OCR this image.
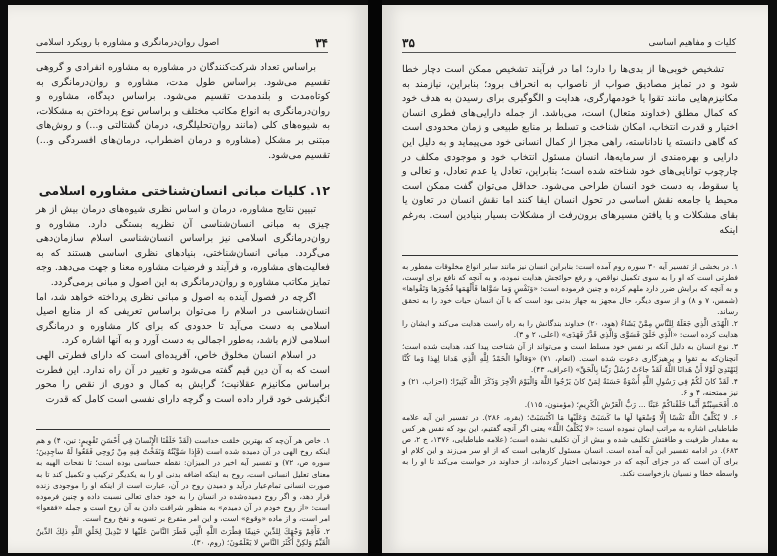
۳۴
اصول روان‌درمانگری و مشاوره با رویکرد اسلامی

براساس تعداد شرکت‌کنندگان در مشاوره به مشاوره انفرادی و گروهی تقسیم می‌شود. براساس طول مدت، مشاوره و روان‌درمانگری به کوتاه‌مدت و بلندمدت تقسیم می‌شود. براساس دیدگاه، مشاوره و روان‌درمانگری به انواع مکاتب مختلف و براساس نوع پرداختن به مشکلات، به شیوه‌های کلی (مانند روان‌تحلیلگری، درمان گشتالتی و...) و روش‌های مبتنی بر مشکل (مشاوره و درمان اضطراب، درمان‌های افسردگی و...) تقسیم می‌شود.

۱۲. کلیات مبانی انسان‌شناختی مشاوره اسلامی

تبیین نتایج مشاوره، درمان و اساس نظری شیوه‌های درمان بیش از هر چیزی به مبانی انسان‌شناسی آن نظریه بستگی دارد. مشاوره و روان‌درمانگری اسلامی نیز براساس انسان‌شناسی اسلام سازمان‌دهی می‌گردد. مبانی انسان‌شناختی، بنیادهای نظری اساسی هستند که به فعالیت‌های مشاوره، و فرآیند و فرضیات مشاوره معنا و جهت می‌دهد. وجه تمایز مکاتب مشاوره و روان‌درمانگری به این اصول و مبانی برمی‌گردد.

اگرچه در فصول آینده به اصول و مبانی نظری پرداخته خواهد شد، اما انسان‌شناسی در اسلام را می‌توان براساس تعریفی که از منابع اصیل اسلامی به دست می‌آید تا حدودی که برای کار مشاوره و درمانگری اسلامی لازم باشد، به‌طور اجمالی به دست آورد و به آنها اشاره کرد.

در اسلام انسان مخلوق خاص، آفریده‌ای است که دارای فطرتی الهی است که به آن دین قیم گفته می‌شود و تغییر در آن راه ندارد. این فطرت براساس مکانیزم عقلانیت؛ گرایش به کمال و دوری از نقص را محور انگیزشی خود قرار داده است و گرچه دارای نفسی است کامل که قدرت

۱. خاص هر آن‌چه که بهترین خلقت خداست (لَقَدْ خَلَقْنَا الْإِنْسانَ فِي أَحْسَنِ تَقْوِيمٍ: تین، ۴) و هم اینکه روح الهی در آن دمیده شده است (فَإِذا سَوَّيْتُهُ وَنَفَخْتُ فِيهِ مِنْ رُوحِي فَقَعُوا لَهُ ساجِدِينَ؛ سوره ص، ۷۲) و تفسیر آیه اخیر در المیزان: نقطه حساسی بوده است؛ تا نفحات الهیه به معنای تعلیل انسانی است، روح به اینکه اضافه بدنی او را به یکدیگر ترکیب و تکمیل کند تا به صورت انسانی تمام‌عیار درآید و دمیدن روح در آن، عبارت است از اینکه او را موجودی زنده قرار دهد، و اگر روح دمیده‌شده در انسان را به خود خدای تعالی نسبت داده و چنین فرموده است: «از روح خودم در آن دمیدم» به منظور شرافت دادن به آن روح است و جمله «فقعوا» امر است، و از ماده «وقوع» است، و این امر متفرع بر تسویه و نفخ روح است.

۲. فَأَقِمْ وَجْهَكَ لِلدِّينِ حَنِيفًا فِطْرَتَ اللَّهِ الَّتِي فَطَرَ النَّاسَ عَلَيْها لا تَبْدِيلَ لِخَلْقِ اللَّهِ ذلِكَ الدِّينُ الْقَيِّمُ وَلكِنَّ أَكْثَرَ النَّاسِ لا يَعْلَمُونَ؛ (روم، ۳۰).

۳۵	کلیات و مفاهیم اساسی

تشخیص خوبی‌ها از بدی‌ها را دارد؛ اما در فرآیند تشخیص ممکن است دچار خطا شود و در تمایز مصادیق صواب از ناصواب به انحراف برود؛ بنابراین، نیازمند به مکانیزم‌هایی مانند تقوا یا خودمهارگری، هدایت و الگوگیری برای رسیدن به هدف خود که کمال مطلق (خداوند متعال) است، می‌باشد. از جمله دارایی‌های فطری انسان اختیار و قدرت انتخاب، امکان شناخت و تسلط بر منابع طبیعی و زمان محدودی است که گاهی دانسته یا ناداناسته، راهی مجزا از کمال انسانی خود می‌پیماید و به دلیل این دارایی و بهره‌مندی از سرمایه‌ها، انسان مسئول انتخاب خود و موجودی مکلف در چارچوب توانایی‌های خود شناخته شده است؛ بنابراین، تعادل یا عدم تعادل، و تعالی و یا سقوط، به دست خود انسان طراحی می‌شود. حداقل می‌توان گفت ممکن است محیط یا جامعه نقش اساسی در تحول انسان ایفا کنند اما نقش انسان در تعاون یا بقای مشکلات و یا یافتن مسیرهای برون‌رفت از مشکلات بسیار بنیادین است. به‌رغم اینکه

۱. در بخشی از تفسیر آیه ۳۰ سوره روم آمده است: بنابراین انسان نیز مانند سایر انواع مخلوقات مفطور به فطرتی است که او را به سوی تکمیل نواقص، و رفع حوائجش هدایت نموده، و به آنچه که نافع برای اوست، و به آنچه که برایش ضرر دارد ملهم کرده و چنین فرموده است: «وَنَفْسٍ وَما سَوَّاها فَأَلْهَمَها فُجُورَها وَتَقْواها» (شمس، ۷ و ۸) و از سوی دیگر، حال مجهز به جهاز بدنی بود است که با آن انسان حیات خود را به تحقق رساند.

۲. الْهُدَى الَّذِي جَعَلَهُ لِلنَّاسِ مِمَّنْ يَشَاءُ (هود، ۲۰) خداوند بندگانش را به راه راست هدایت می‌کند و ایشان را هدایت کرده است: «الَّذِي خَلَقَ فَسَوَّى وَالَّذِي قَدَّرَ فَهَدَى» (اعلی، ۲ و ۳).

۳. نوع انسان به دلیل آنکه بر نفس خود مسلط است و می‌تواند از آن شناخت پیدا کند، هدایت شده است؛ آنچنان‌که به تقوا و پرهیزگاری دعوت شده است. (انعام، ۷۱) «وَقالُوا الْحَمْدُ لِلَّهِ الَّذِي هَدانا لِهذا وَما كُنَّا لِنَهْتَدِيَ لَوْلا أَنْ هَدانَا اللَّهُ لَقَدْ جاءَتْ رُسُلُ رَبِّنا بِالْحَقِّ» (اعراف، ۴۳).

۴. لَقَدْ كانَ لَكُمْ فِي رَسُولِ اللَّهِ أُسْوَةٌ حَسَنَةٌ لِمَنْ كانَ يَرْجُوا اللَّهَ وَالْيَوْمَ الْآخِرَ وَذَكَرَ اللَّهَ كَثِيرًا؛ (احزاب، ۲۱) و نیز ممتحنه، ۴ و ۶.

۵. أَفَحَسِبْتُمْ أَنَّما خَلَقْناكُمْ عَبَثًا ... رَبُّ الْعَرْشِ الْكَرِيمِ؛ (مؤمنون، ۱۱۵).

۶. لا يُكَلِّفُ اللَّهُ نَفْسًا إِلَّا وُسْعَها لَها ما كَسَبَتْ وَعَلَيْها مَا اكْتَسَبَتْ؛ (بقره، ۲۸۶). در تفسیر این آیه علامه طباطبایی اشاره به مراتب ایمان نموده است: «لا يُكَلِّفُ اللَّهُ» یعنی اگر آنچه گفتیم، این بود که نفس هر کس به مقدار ظرفیت و طاقتش تکلیف شده و بیش از آن تکلیف نشده است؛ (علامه طباطبایی، ۱۳۷۶، ج ۲، ص ۶۸۳). در ادامه تفسیر این آیه آمده است. انسان مسئول کارهایی است که از او سر می‌زند و این کلام او برای آن است که در جزای آنچه که در خودنمایی اختیار کرده‌اند، از خداوند در خواست می‌کند تا او را به واسطه خطا و نسیان بازخواست نکند.
